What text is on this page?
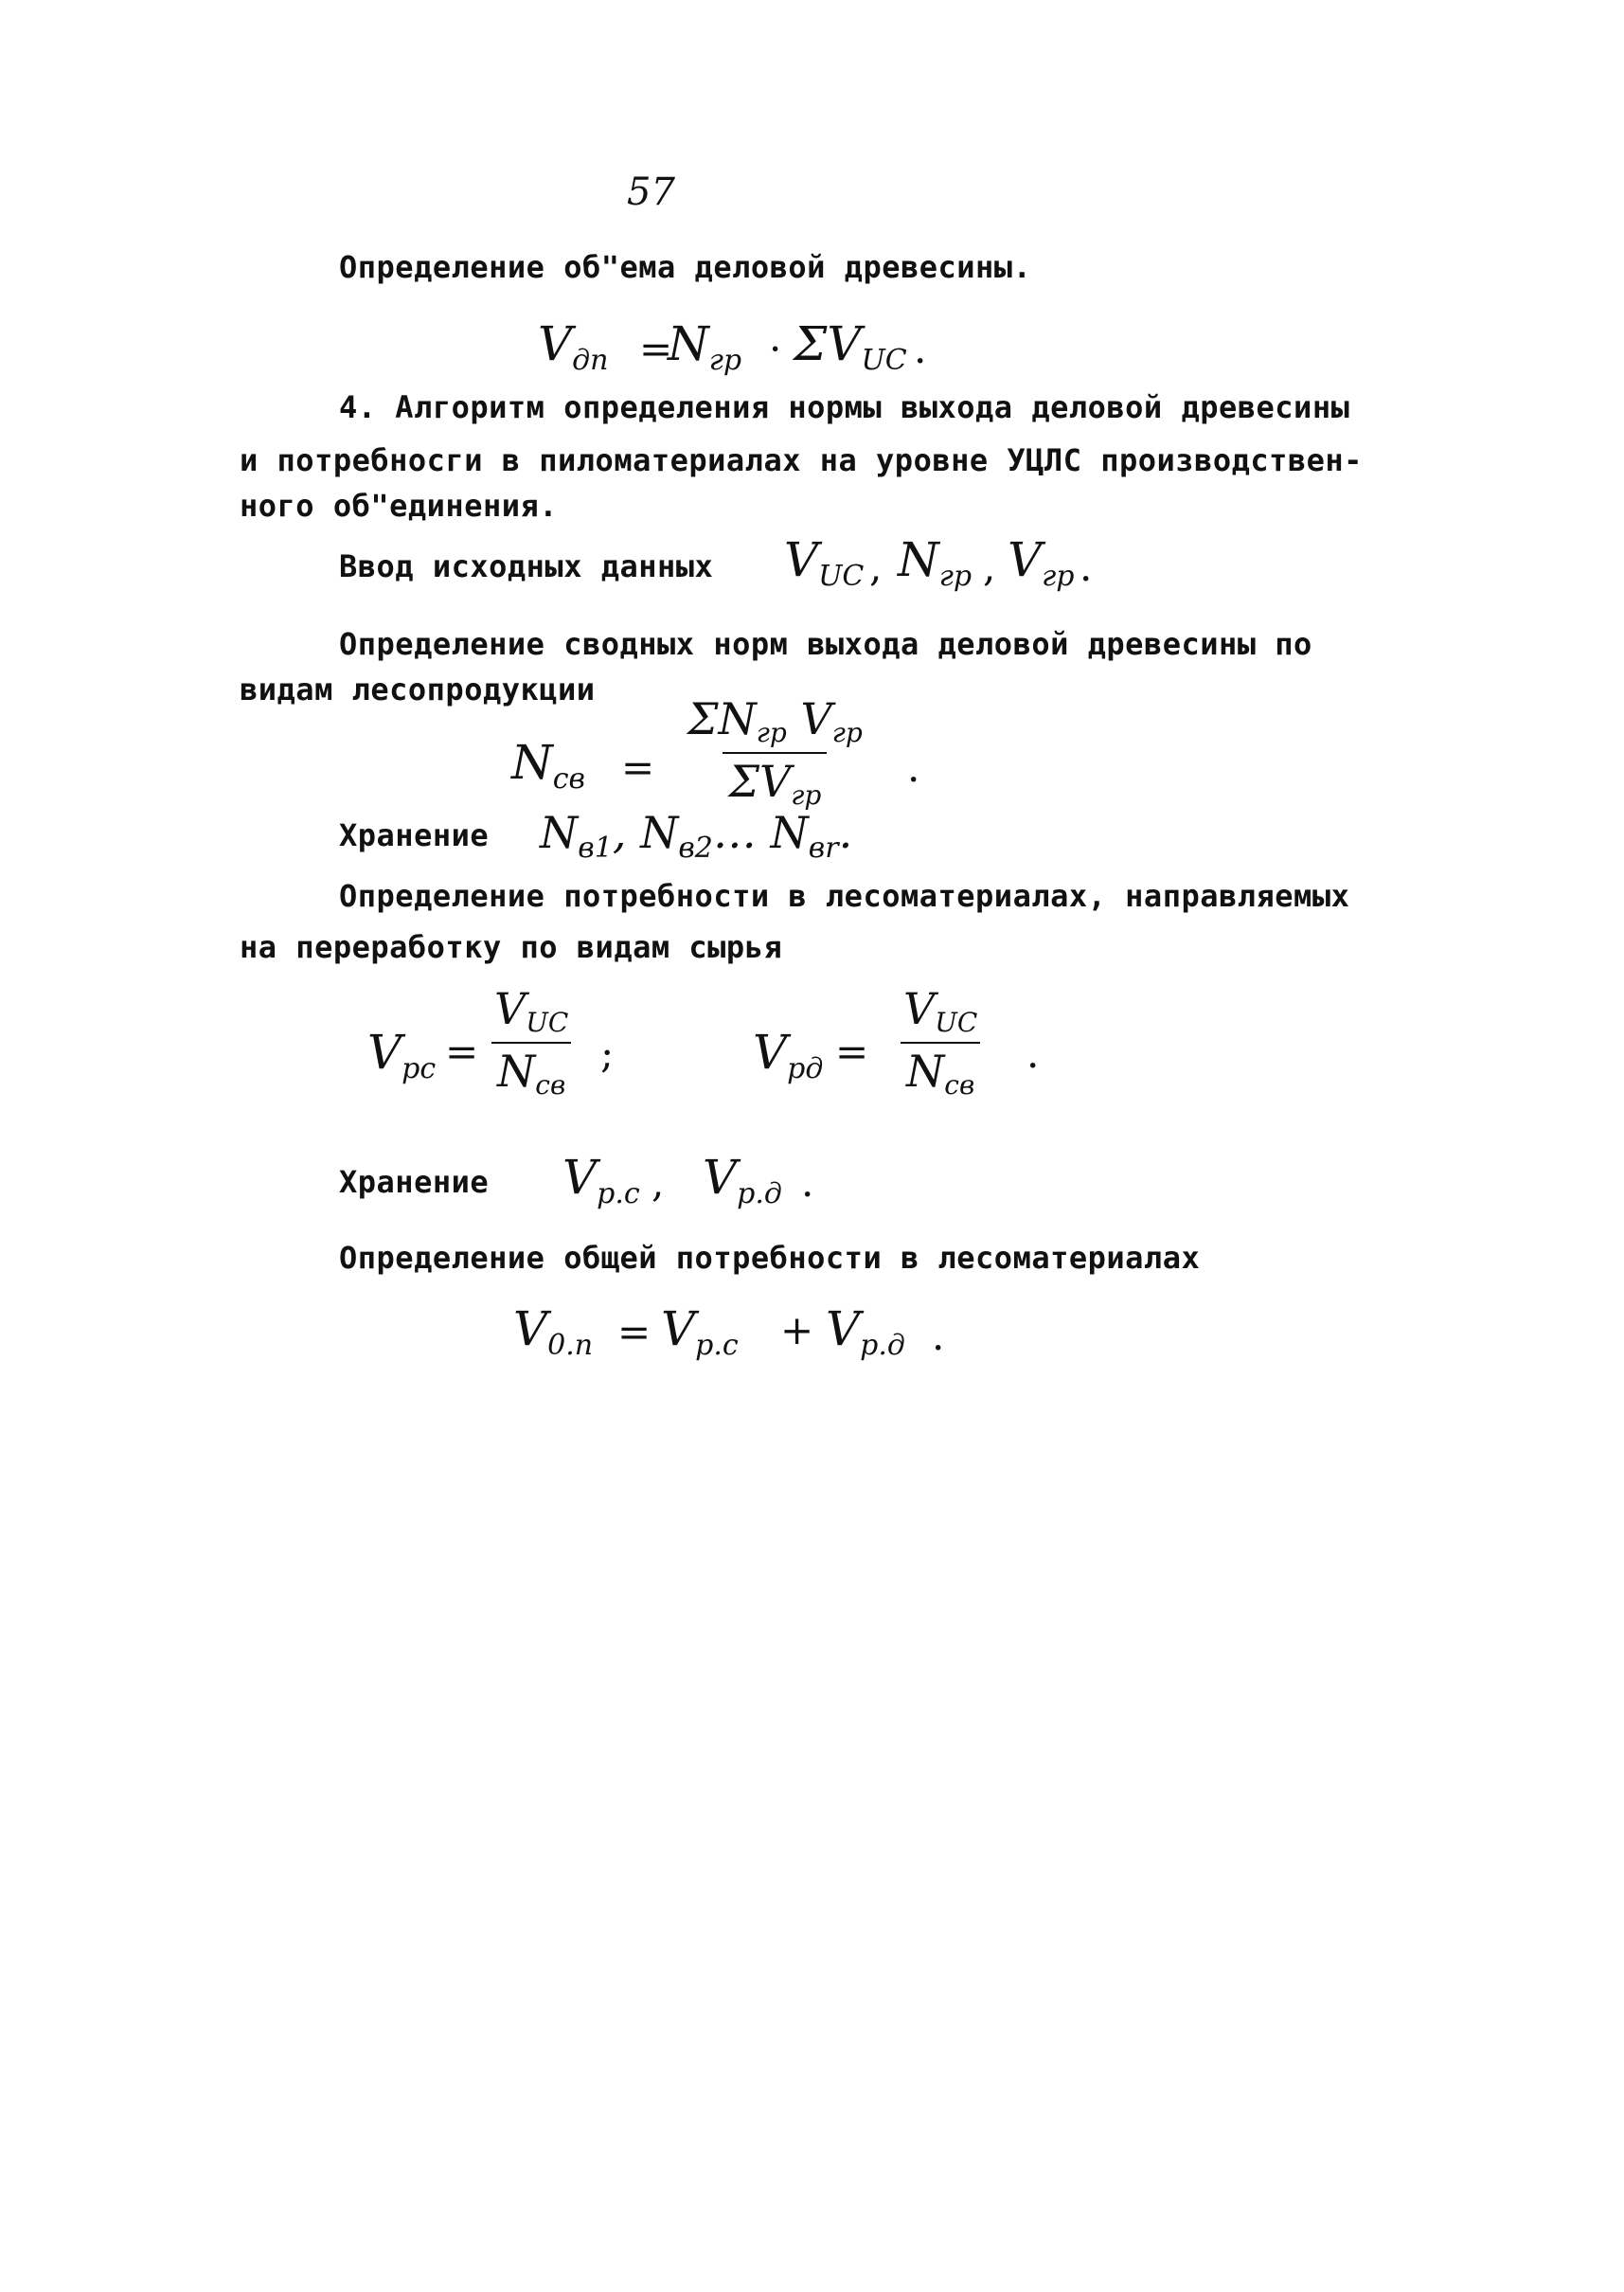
57
Определение об"ема деловой древесины.
$V_{дп}$ =
$N_{гр} \cdot \Sigma V_{UC}$ .
4. Алгоритм определения нормы выхода деловой древесины
и потребносги в пиломатериалах на уровне УЦЛС производствен-
ного об"единения.
Ввод исходных данных $V_{UC}$ , $N_{гр}$ , $V_{гр}$ .
Определение сводных норм выхода деловой древесины по
видам лесопродукции
$N_{cв}$ =
$\Sigma N_{гр}$ $V_{гр}$
$\Sigma V_{гр}$
.
Хранение $N_{в1}$, $N_{в2}\dots$ $N_{вr}$.
Определение потребности в лесоматериалах, направляемых
на переработку по видам сырья
$V_{pc}$ =
$V_{UC}$
$N_{cв}$
;	$V_{pд}$ =
$V_{UC}$
$N_{cв}$
.
Хранение $V_{p.c}$ , $V_{p.д}$ .
Определение общей потребности в лесоматериалах
$V_{0.п} = V_{p.c} + V_{p.д}$ .
